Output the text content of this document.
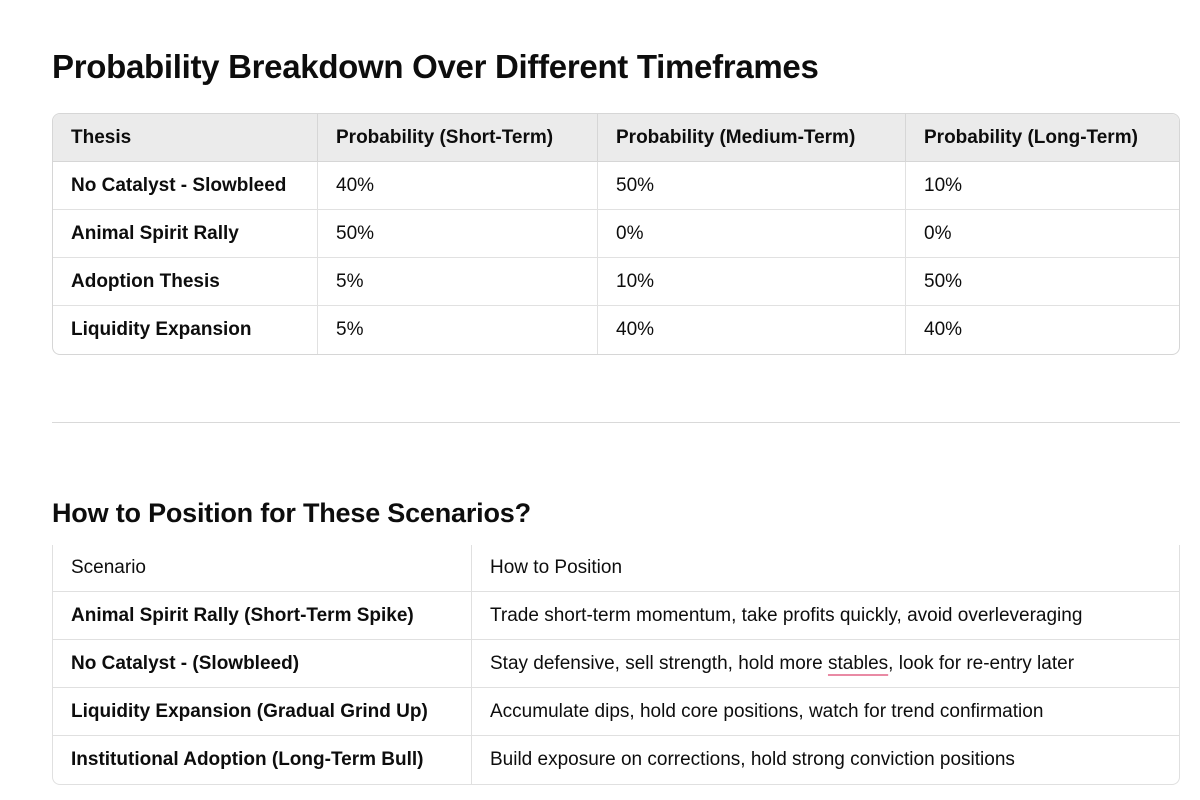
Probability Breakdown Over Different Timeframes
Thesis	Probability (Short-Term)	Probability (Medium-Term)	Probability (Long-Term)
No Catalyst - Slowbleed	40%	50%	10%
Animal Spirit Rally	50%	0%	0%
Adoption Thesis	5%	10%	50%
Liquidity Expansion	5%	40%	40%
How to Position for These Scenarios?
Scenario	How to Position
Animal Spirit Rally (Short-Term Spike)	Trade short-term momentum, take profits quickly, avoid overleveraging
No Catalyst - (Slowbleed)	Stay defensive, sell strength, hold more stables, look for re-entry later
Liquidity Expansion (Gradual Grind Up)	Accumulate dips, hold core positions, watch for trend confirmation
Institutional Adoption (Long-Term Bull)	Build exposure on corrections, hold strong conviction positions
